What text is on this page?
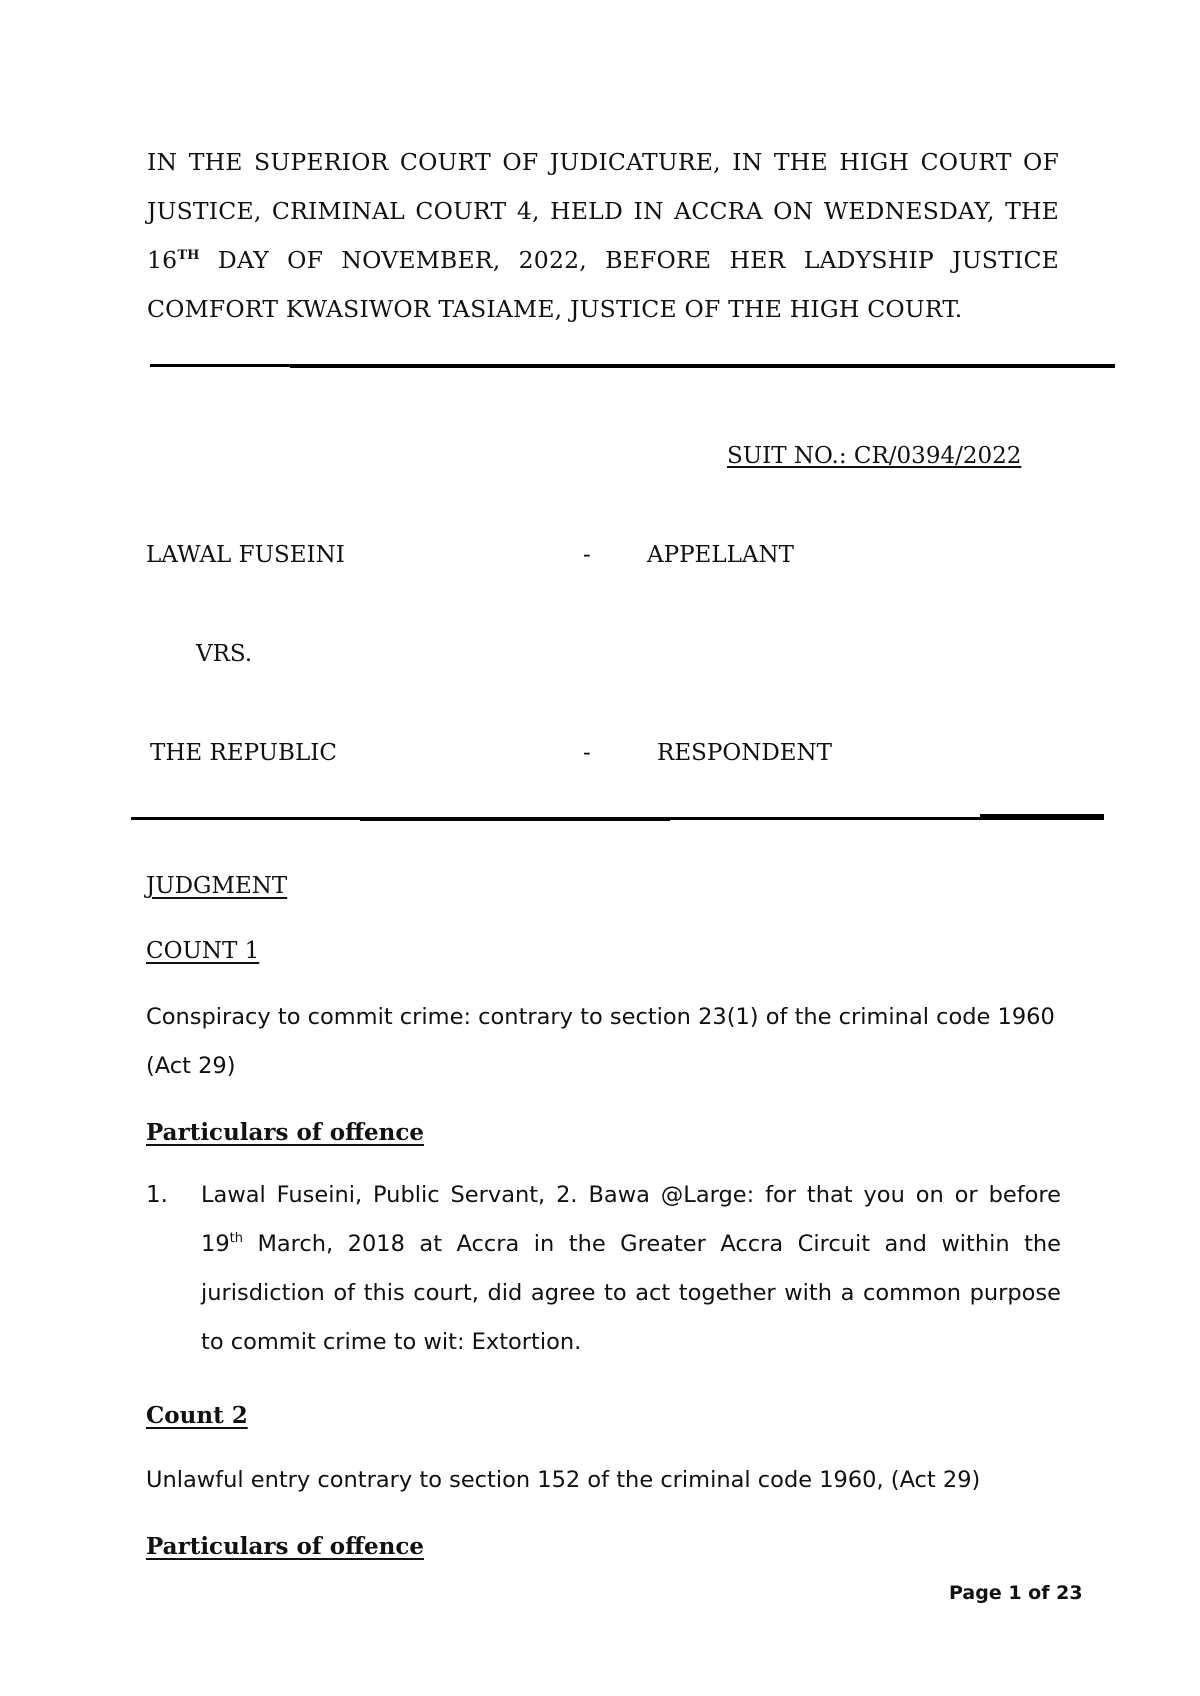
IN THE SUPERIOR COURT OF JUDICATURE, IN THE HIGH COURT OF JUSTICE, CRIMINAL COURT 4, HELD IN ACCRA ON WEDNESDAY, THE 16TH DAY OF NOVEMBER, 2022, BEFORE HER LADYSHIP JUSTICE COMFORT KWASIWOR TASIAME, JUSTICE OF THE HIGH COURT.

SUIT NO.: CR/0394/2022
LAWAL FUSEINI	- APPELLANT
VRS.
THE REPUBLIC	-	RESPONDENT
JUDGMENT
COUNT 1
Conspiracy to commit crime: contrary to section 23(1) of the criminal code 1960 (Act 29)
Particulars of offence
1. Lawal Fuseini, Public Servant, 2. Bawa @Large: for that you on or before 19th March, 2018 at Accra in the Greater Accra Circuit and within the jurisdiction of this court, did agree to act together with a common purpose to commit crime to wit: Extortion.

Count 2
Unlawful entry contrary to section 152 of the criminal code 1960, (Act 29)
Particulars of offence
Page 1 of 23
